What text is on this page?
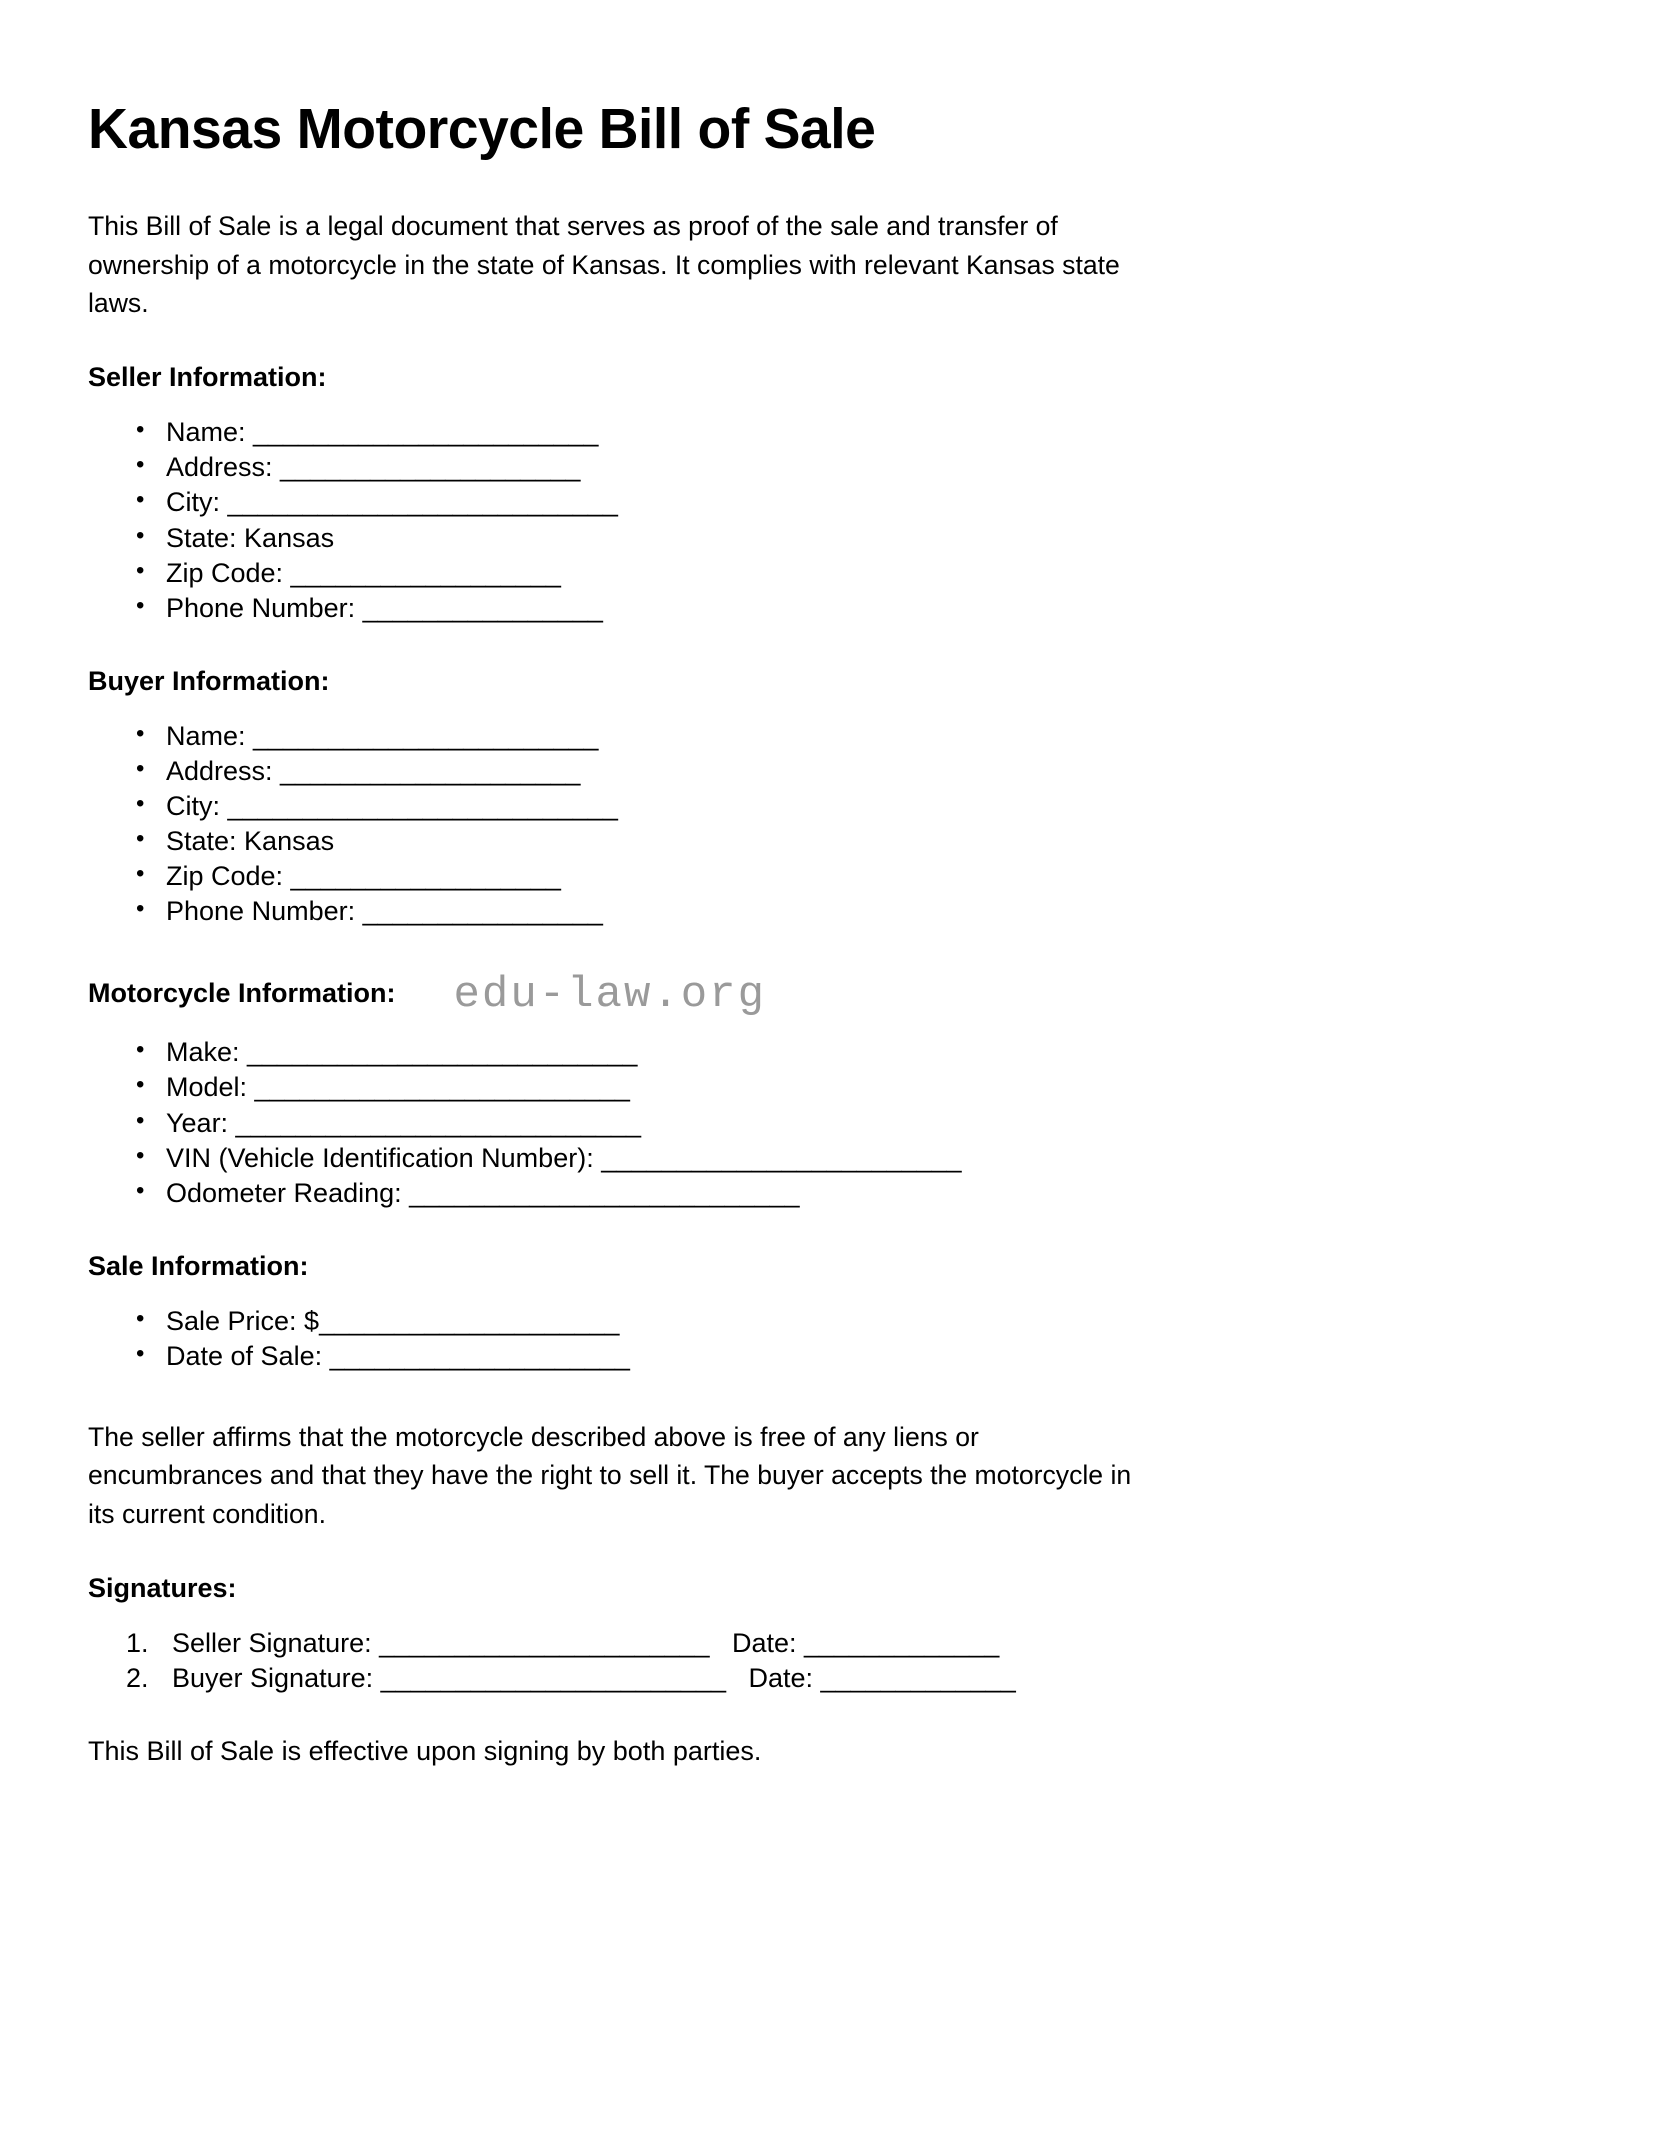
Kansas Motorcycle Bill of Sale

This Bill of Sale is a legal document that serves as proof of the sale and transfer of ownership of a motorcycle in the state of Kansas. It complies with relevant Kansas state laws.

Seller Information:
• Name: _______________________
• Address: ____________________
• City: __________________________
• State: Kansas
• Zip Code: __________________
• Phone Number: ________________
Buyer Information:
• Name: _______________________
• Address: ____________________
• City: __________________________
• State: Kansas
• Zip Code: __________________
• Phone Number: ________________
Motorcycle Information: edu-law.org
• Make: __________________________
• Model: _________________________
• Year: ___________________________
• VIN (Vehicle Identification Number): ________________________
• Odometer Reading: __________________________
Sale Information:
• Sale Price: $____________________
• Date of Sale: ____________________

The seller affirms that the motorcycle described above is free of any liens or encumbrances and that they have the right to sell it. The buyer accepts the motorcycle in its current condition.

Signatures:
Seller Signature: ______________________   Date: _____________
Buyer Signature: _______________________   Date: _____________

This Bill of Sale is effective upon signing by both parties.
